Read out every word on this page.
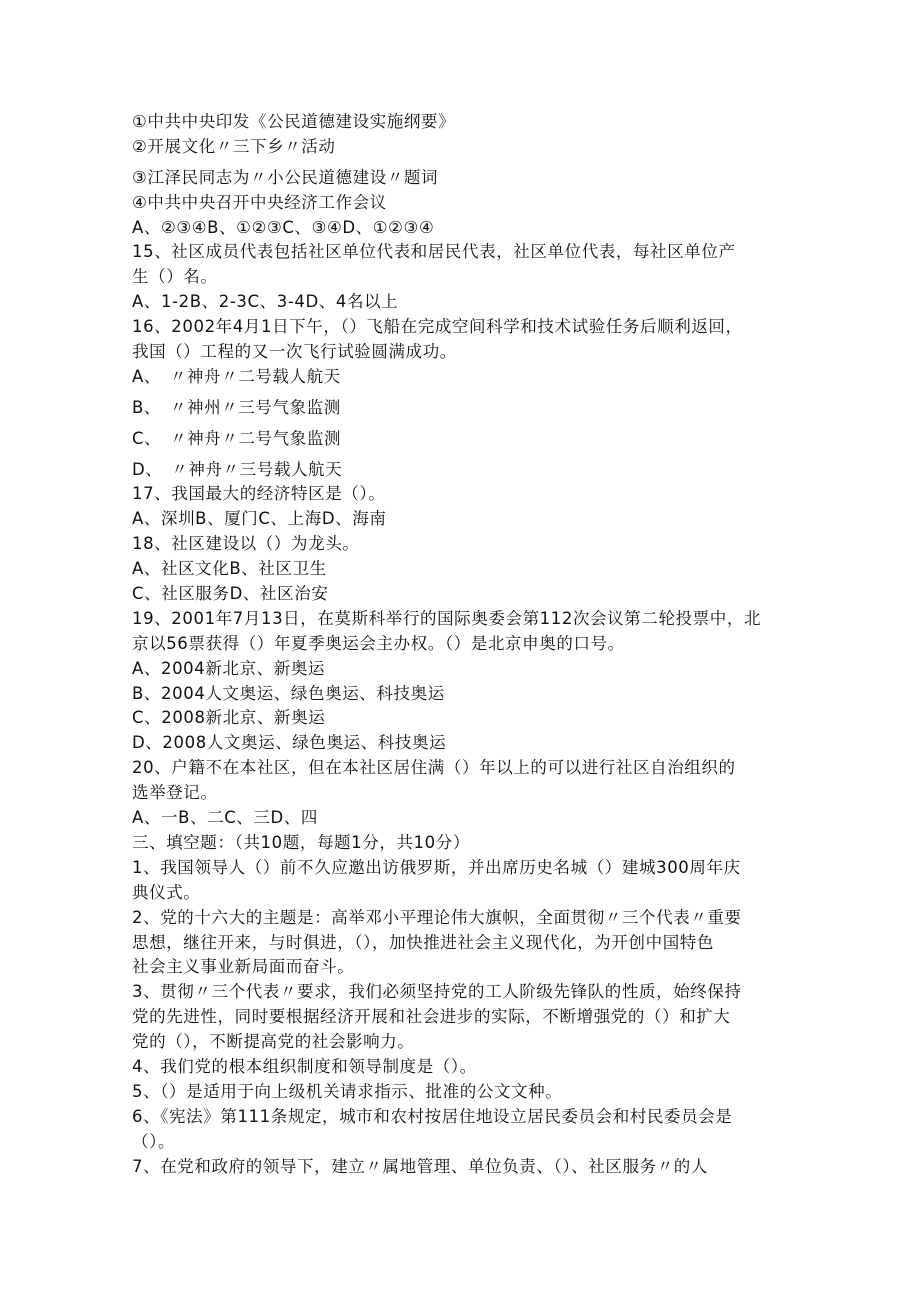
①中共中央印发《公民道德建设实施纲要》
②开展文化〃三下乡〃活动
③江泽民同志为〃小公民道德建设〃题词
④中共中央召开中央经济工作会议
A、②③④B、①②③C、③④D、①②③④
15、社区成员代表包括社区单位代表和居民代表，社区单位代表，每社区单位产
生（）名。
A、1-2B、2-3C、3-4D、4名以上
16、2002年4月1日下午，（）飞船在完成空间科学和技术试验任务后顺利返回，
我国（）工程的又一次飞行试验圆满成功。
A、　〃神舟〃二号载人航天
B、　〃神州〃三号气象监测
C、　〃神舟〃二号气象监测
D、　〃神舟〃三号载人航天
17、我国最大的经济特区是（）。
A、深圳B、厦门C、上海D、海南
18、社区建设以（）为龙头。
A、社区文化B、社区卫生
C、社区服务D、社区治安
19、2001年7月13日，在莫斯科举行的国际奥委会第112次会议第二轮投票中，北
京以56票获得（）年夏季奥运会主办权。（）是北京申奥的口号。
A、2004新北京、新奥运
B、2004人文奥运、绿色奥运、科技奥运
C、2008新北京、新奥运
D、2008人文奥运、绿色奥运、科技奥运
20、户籍不在本社区，但在本社区居住满（）年以上的可以进行社区自治组织的
选举登记。
A、一B、二C、三D、四
三、填空题：（共10题，每题1分，共10分）
1、我国领导人（）前不久应邀出访俄罗斯，并出席历史名城（）建城300周年庆
典仪式。
2、党的十六大的主题是：高举邓小平理论伟大旗帜，全面贯彻〃三个代表〃重要
思想，继往开来，与时俱进，（），加快推进社会主义现代化，为开创中国特色
社会主义事业新局面而奋斗。
3、贯彻〃三个代表〃要求，我们必须坚持党的工人阶级先锋队的性质，始终保持
党的先进性，同时要根据经济开展和社会进步的实际，不断增强党的（）和扩大
党的（），不断提高党的社会影响力。
4、我们党的根本组织制度和领导制度是（）。
5、（）是适用于向上级机关请求指示、批准的公文文种。
6、《宪法》第111条规定，城市和农村按居住地设立居民委员会和村民委员会是
（）。
7、在党和政府的领导下，建立〃属地管理、单位负责、（）、社区服务〃的人
